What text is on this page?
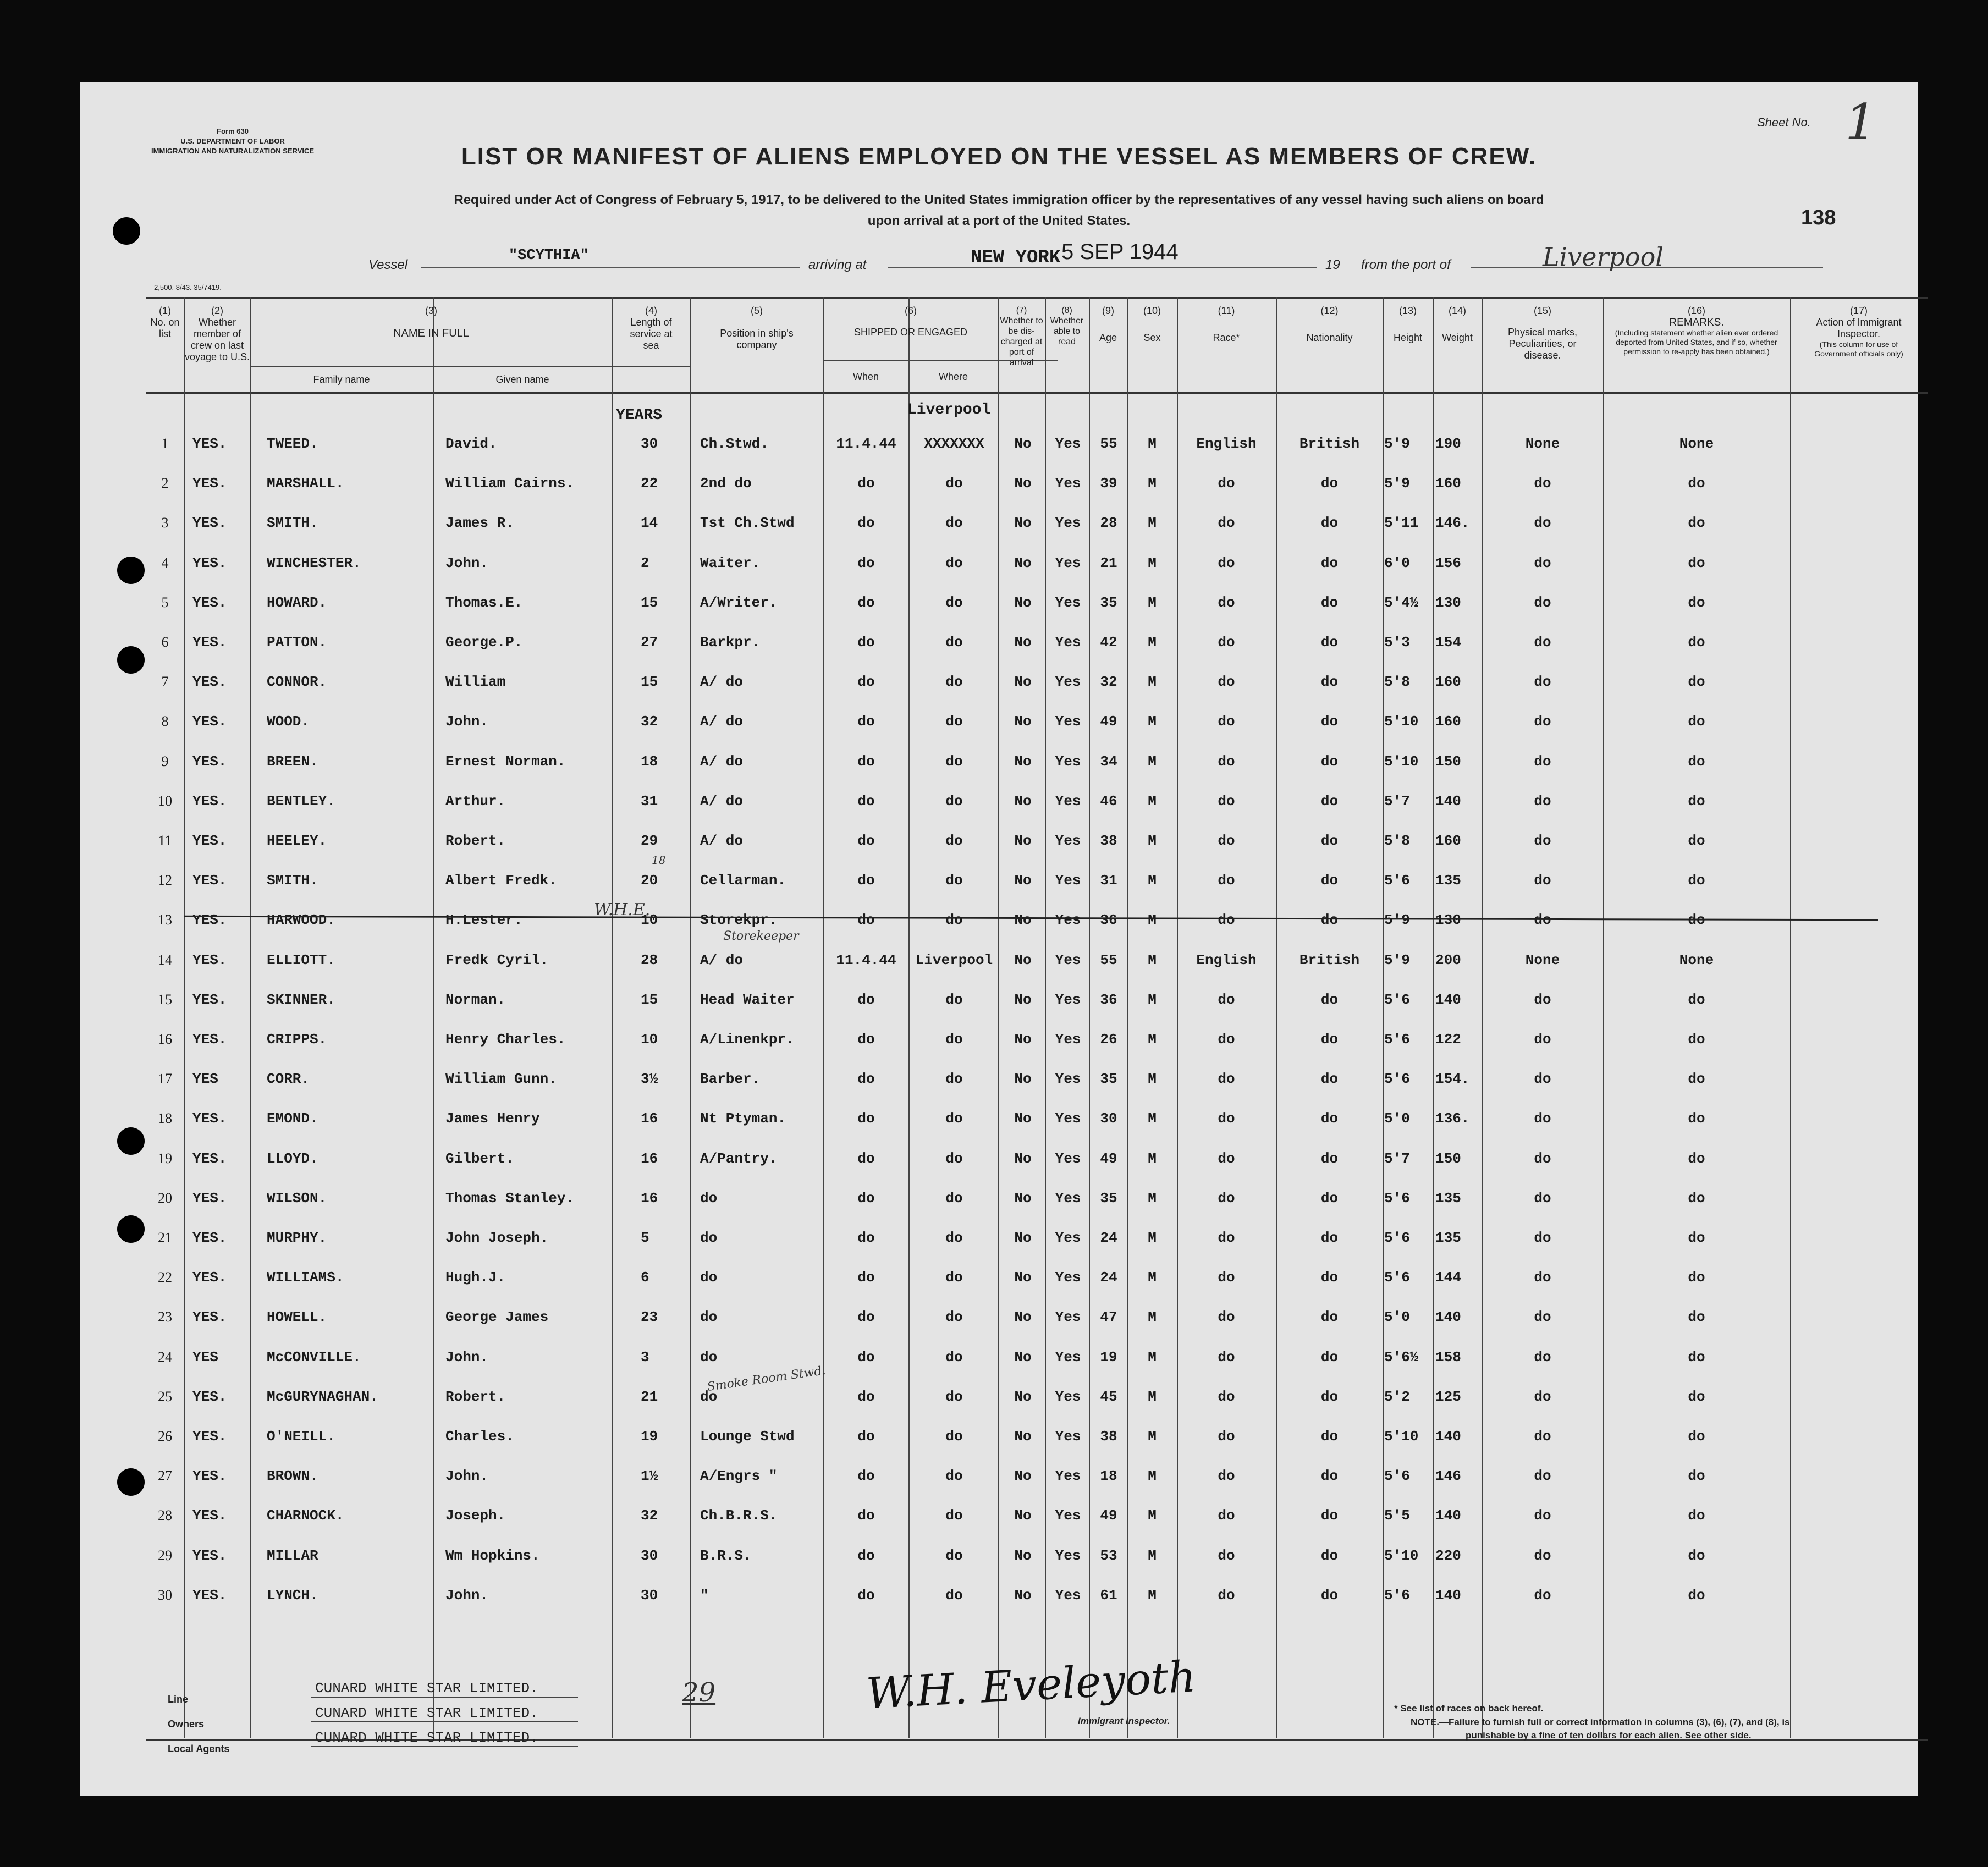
Form 630
U.S. DEPARTMENT OF LABOR
IMMIGRATION AND NATURALIZATION SERVICE
Sheet No. 1
LIST OR MANIFEST OF ALIENS EMPLOYED ON THE VESSEL AS MEMBERS OF CREW.
Required under Act of Congress of February 5, 1917, to be delivered to the United States immigration officer by the representatives of any vessel having such aliens on board
upon arrival at a port of the United States.	138
Vessel
"SCYTHIA"
arriving at	NEW YORK 5 SEP 1944
19 from the port of	Liverpool
2,500. 8/43. 35/7419.
(1)
No. on list
(2)
Whether member of crew on last voyage to U.S.
(3)
NAME IN FULL
Family name	Given name
(4)
Length of service at sea
(5)
Position in ship's company
(6)
SHIPPED OR ENGAGED
When	Where
(7)
Whether to be dis-charged at port of arrival
(8)
Whether able to read
(9)
Age
(10)
Sex
(11)
Race*
(12)
Nationality
(13)
Height
(14)
Weight
(15)
Physical marks, Peculiarities, or disease.
(16)
REMARKS.
(Including statement whether alien ever ordered deported from United States, and if so, whether permission to re-apply has been obtained.)
(17)
Action of Immigrant Inspector.
(This column for use of Government officials only)
YEARS	Liverpool
1	YES.	TWEED.	David.	30	Ch.Stwd.	11.4.44	XXXXXXX	No	Yes	55	M	English	British	5'9	190	None	None
2	YES.	MARSHALL.	William Cairns.	22	2nd do	do	do	No	Yes	39	M	do	do	5'9	160	do	do
3	YES.	SMITH.	James R.	14	Tst Ch.Stwd	do	do	No	Yes	28	M	do	do	5'11	146.	do	do
4	YES.	WINCHESTER.	John.	2	Waiter.	do	do	No	Yes	21	M	do	do	6'0	156	do	do
5	YES.	HOWARD.	Thomas.E.	15	A/Writer.	do	do	No	Yes	35	M	do	do	5'4½	130	do	do
6	YES.	PATTON.	George.P.	27	Barkpr.	do	do	No	Yes	42	M	do	do	5'3	154	do	do
7	YES.	CONNOR.	William	15	A/ do	do	do	No	Yes	32	M	do	do	5'8	160	do	do
8	YES.	WOOD.	John.	32	A/ do	do	do	No	Yes	49	M	do	do	5'10	160	do	do
9	YES.	BREEN.	Ernest Norman.	18	A/ do	do	do	No	Yes	34	M	do	do	5'10	150	do	do
10 YES.	BENTLEY.	Arthur.	31	A/ do	do	do	No	Yes	46	M	do	do	5'7	140	do	do
11 YES.	HEELEY.	Robert.	29	A/ do	do	do	No	Yes	38	M	do	do	5'8	160	do	do
12 YES.	SMITH.	Albert Fredk.	20	Cellarman.	do	do	No	Yes	31	M	do	do	5'6	135	do	do
13 YES.	HARWOOD.	H.Lester.	10	Storekpr.	do	do	No	Yes	36	M	do	do	5'9	130	do	do
14 YES.	ELLIOTT.	Fredk Cyril.	28	A/ do	11.4.44	Liverpool	No	Yes	55	M	English	British	5'9	200	None	None
15 YES.	SKINNER.	Norman.	15	Head Waiter	do	do	No	Yes	36	M	do	do	5'6	140	do	do
16 YES.	CRIPPS.	Henry Charles.	10	A/Linenkpr.	do	do	No	Yes	26	M	do	do	5'6	122	do	do
17 YES	CORR.	William Gunn.	3½	Barber.	do	do	No	Yes	35	M	do	do	5'6	154.	do	do
18 YES.	EMOND.	James Henry	16	Nt Ptyman.	do	do	No	Yes	30	M	do	do	5'0	136.	do	do
19 YES.	LLOYD.	Gilbert.	16	A/Pantry.	do	do	No	Yes	49	M	do	do	5'7	150	do	do
20 YES.	WILSON.	Thomas Stanley.	16	do	do	do	No	Yes	35	M	do	do	5'6	135	do	do
21 YES.	MURPHY.	John Joseph.	5	do	do	do	No	Yes	24	M	do	do	5'6	135	do	do
22 YES.	WILLIAMS.	Hugh.J.	6	do	do	do	No	Yes	24	M	do	do	5'6	144	do	do
23 YES.	HOWELL.	George James	23	do	do	do	No	Yes	47	M	do	do	5'0	140	do	do
24 YES	McCONVILLE.	John.	3	do	do	do	No	Yes	19	M	do	do	5'6½	158	do	do
25 YES.	McGURYNAGHAN.	Robert.	21	do	do	do	No	Yes	45	M	do	do	5'2	125	do	do
26 YES.	O'NEILL.	Charles.	19	Lounge Stwd	do	do	No	Yes	38	M	do	do	5'10	140	do	do
27 YES.	BROWN.	John.	1½	A/Engrs "	do	do	No	Yes	18	M	do	do	5'6	146	do	do
28 YES.	CHARNOCK.	Joseph.	32	Ch.B.R.S.	do	do	No	Yes	49	M	do	do	5'5	140	do	do
29 YES.	MILLAR	Wm Hopkins.	30	B.R.S.	do	do	No	Yes	53	M	do	do	5'10	220	do	do
30 YES.	LYNCH.	John.	30	"	do	do	No	Yes	61	M	do	do	5'6	140	do	do
Storekeeper
Smoke Room Stwd.
18
W.H.E.
Line
CUNARD WHITE STAR LIMITED.
Owners
CUNARD WHITE STAR LIMITED.
Local Agents
CUNARD WHITE STAR LIMITED.
29	W.H. Eveleyoth
Immigrant Inspector.
* See list of races on back hereof.
NOTE.—Failure to furnish full or correct information in columns (3), (6), (7), and (8), is
punishable by a fine of ten dollars for each alien. See other side.
